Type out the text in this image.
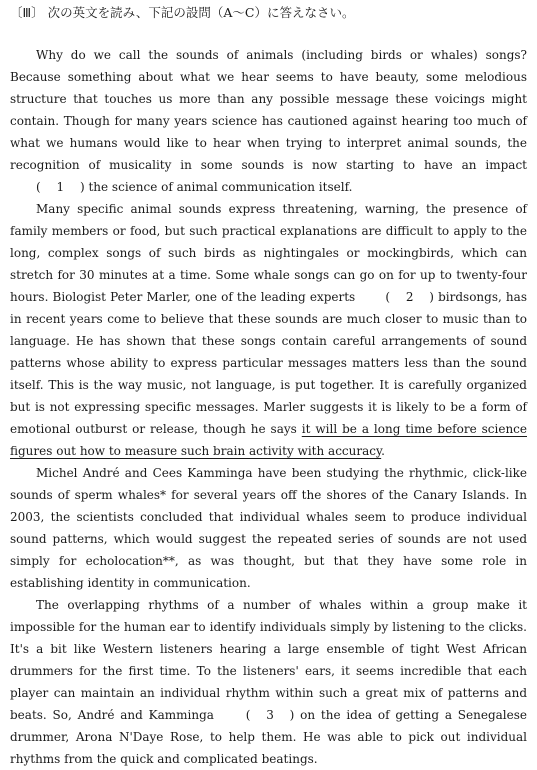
〔Ⅲ〕 次の英文を読み、下記の設問（A～C）に答えなさい。

Why do we call the sounds of animals (including birds or whales) songs? Because something about what we hear seems to have beauty, some melodious structure that touches us more than any possible message these voicings might contain. Though for many years science has cautioned against hearing too much of what we humans would like to hear when trying to interpret animal sounds, the recognition of musicality in some sounds is now starting to have an impact (　 1 　) the science of animal communication itself.

Many specific animal sounds express threatening, warning, the presence of family members or food, but such practical explanations are difficult to apply to the long, complex songs of such birds as nightingales or mockingbirds, which can stretch for 30 minutes at a time. Some whale songs can go on for up to twenty-four hours. Biologist Peter Marler, one of the leading experts	(　 2 　) birdsongs, has in recent years come to believe that these sounds are much closer to music than to language. He has shown that these songs contain careful arrangements of sound patterns whose ability to express particular messages matters less than the sound itself. This is the way music, not language, is put together. It is carefully organized but is not expressing specific messages. Marler suggests it is likely to be a form of emotional outburst or release, though he says it will be a long time before science figures out how to measure such brain activity with accuracy.

Michel André and Cees Kamminga have been studying the rhythmic, click-like sounds of sperm whales* for several years off the shores of the Canary Islands. In 2003, the scientists concluded that individual whales seem to produce individual sound patterns, which would suggest the repeated series of sounds are not used simply for echolocation**, as was thought, but that they have some role in establishing identity in communication.

The overlapping rhythms of a number of whales within a group make it impossible for the human ear to identify individuals simply by listening to the clicks. It's a bit like Western listeners hearing a large ensemble of tight West African drummers for the first time. To the listeners' ears, it seems incredible that each player can maintain an individual rhythm within such a great mix of patterns and beats. So, André and Kamminga	(　 3 　) on the idea of getting a Senegalese drummer, Arona N'Daye Rose, to help them. He was able to pick out individual rhythms from the quick and complicated beatings.
